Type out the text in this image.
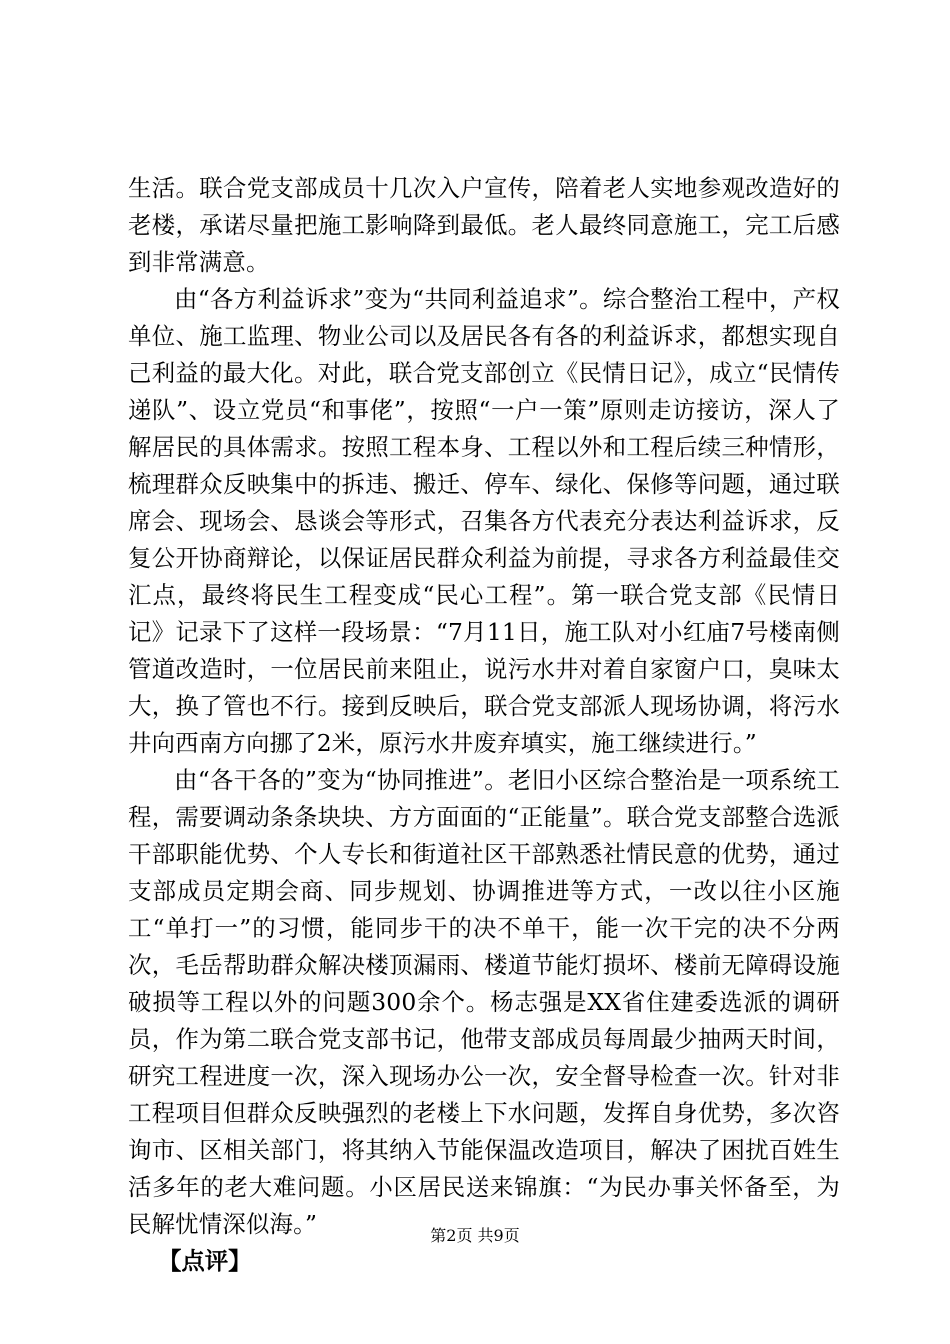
生活。联合党支部成员十几次入户宣传，陪着老人实地参观改造好的老楼，承诺尽量把施工影响降到最低。老人最终同意施工，完工后感到非常满意。

由“各方利益诉求”变为“共同利益追求”。综合整治工程中，产权单位、施工监理、物业公司以及居民各有各的利益诉求，都想实现自己利益的最大化。对此，联合党支部创立《民情日记》，成立“民情传递队”、设立党员“和事佬”，按照“一户一策”原则走访接访，深人了解居民的具体需求。按照工程本身、工程以外和工程后续三种情形，梳理群众反映集中的拆违、搬迁、停车、绿化、保修等问题，通过联席会、现场会、恳谈会等形式，召集各方代表充分表达利益诉求，反复公开协商辩论，以保证居民群众利益为前提，寻求各方利益最佳交汇点，最终将民生工程变成“民心工程”。第一联合党支部《民情日记》记录下了这样一段场景：“7月11日，施工队对小红庙7号楼南侧管道改造时，一位居民前来阻止，说污水井对着自家窗户口，臭味太大，换了管也不行。接到反映后，联合党支部派人现场协调，将污水井向西南方向挪了2米，原污水井废弃填实，施工继续进行。”

由“各干各的”变为“协同推进”。老旧小区综合整治是一项系统工程，需要调动条条块块、方方面面的“正能量”。联合党支部整合选派干部职能优势、个人专长和街道社区干部熟悉社情民意的优势，通过支部成员定期会商、同步规划、协调推进等方式，一改以往小区施工“单打一”的习惯，能同步干的决不单干，能一次干完的决不分两次，毛岳帮助群众解决楼顶漏雨、楼道节能灯损坏、楼前无障碍设施破损等工程以外的问题300余个。杨志强是XX省住建委选派的调研员，作为第二联合党支部书记，他带支部成员每周最少抽两天时间，研究工程进度一次，深入现场办公一次，安全督导检查一次。针对非工程项目但群众反映强烈的老楼上下水问题，发挥自身优势，多次咨询市、区相关部门，将其纳入节能保温改造项目，解决了困扰百姓生活多年的老大难问题。小区居民送来锦旗：“为民办事关怀备至，为民解忧情深似海。”

【点评】

第2页 共9页
